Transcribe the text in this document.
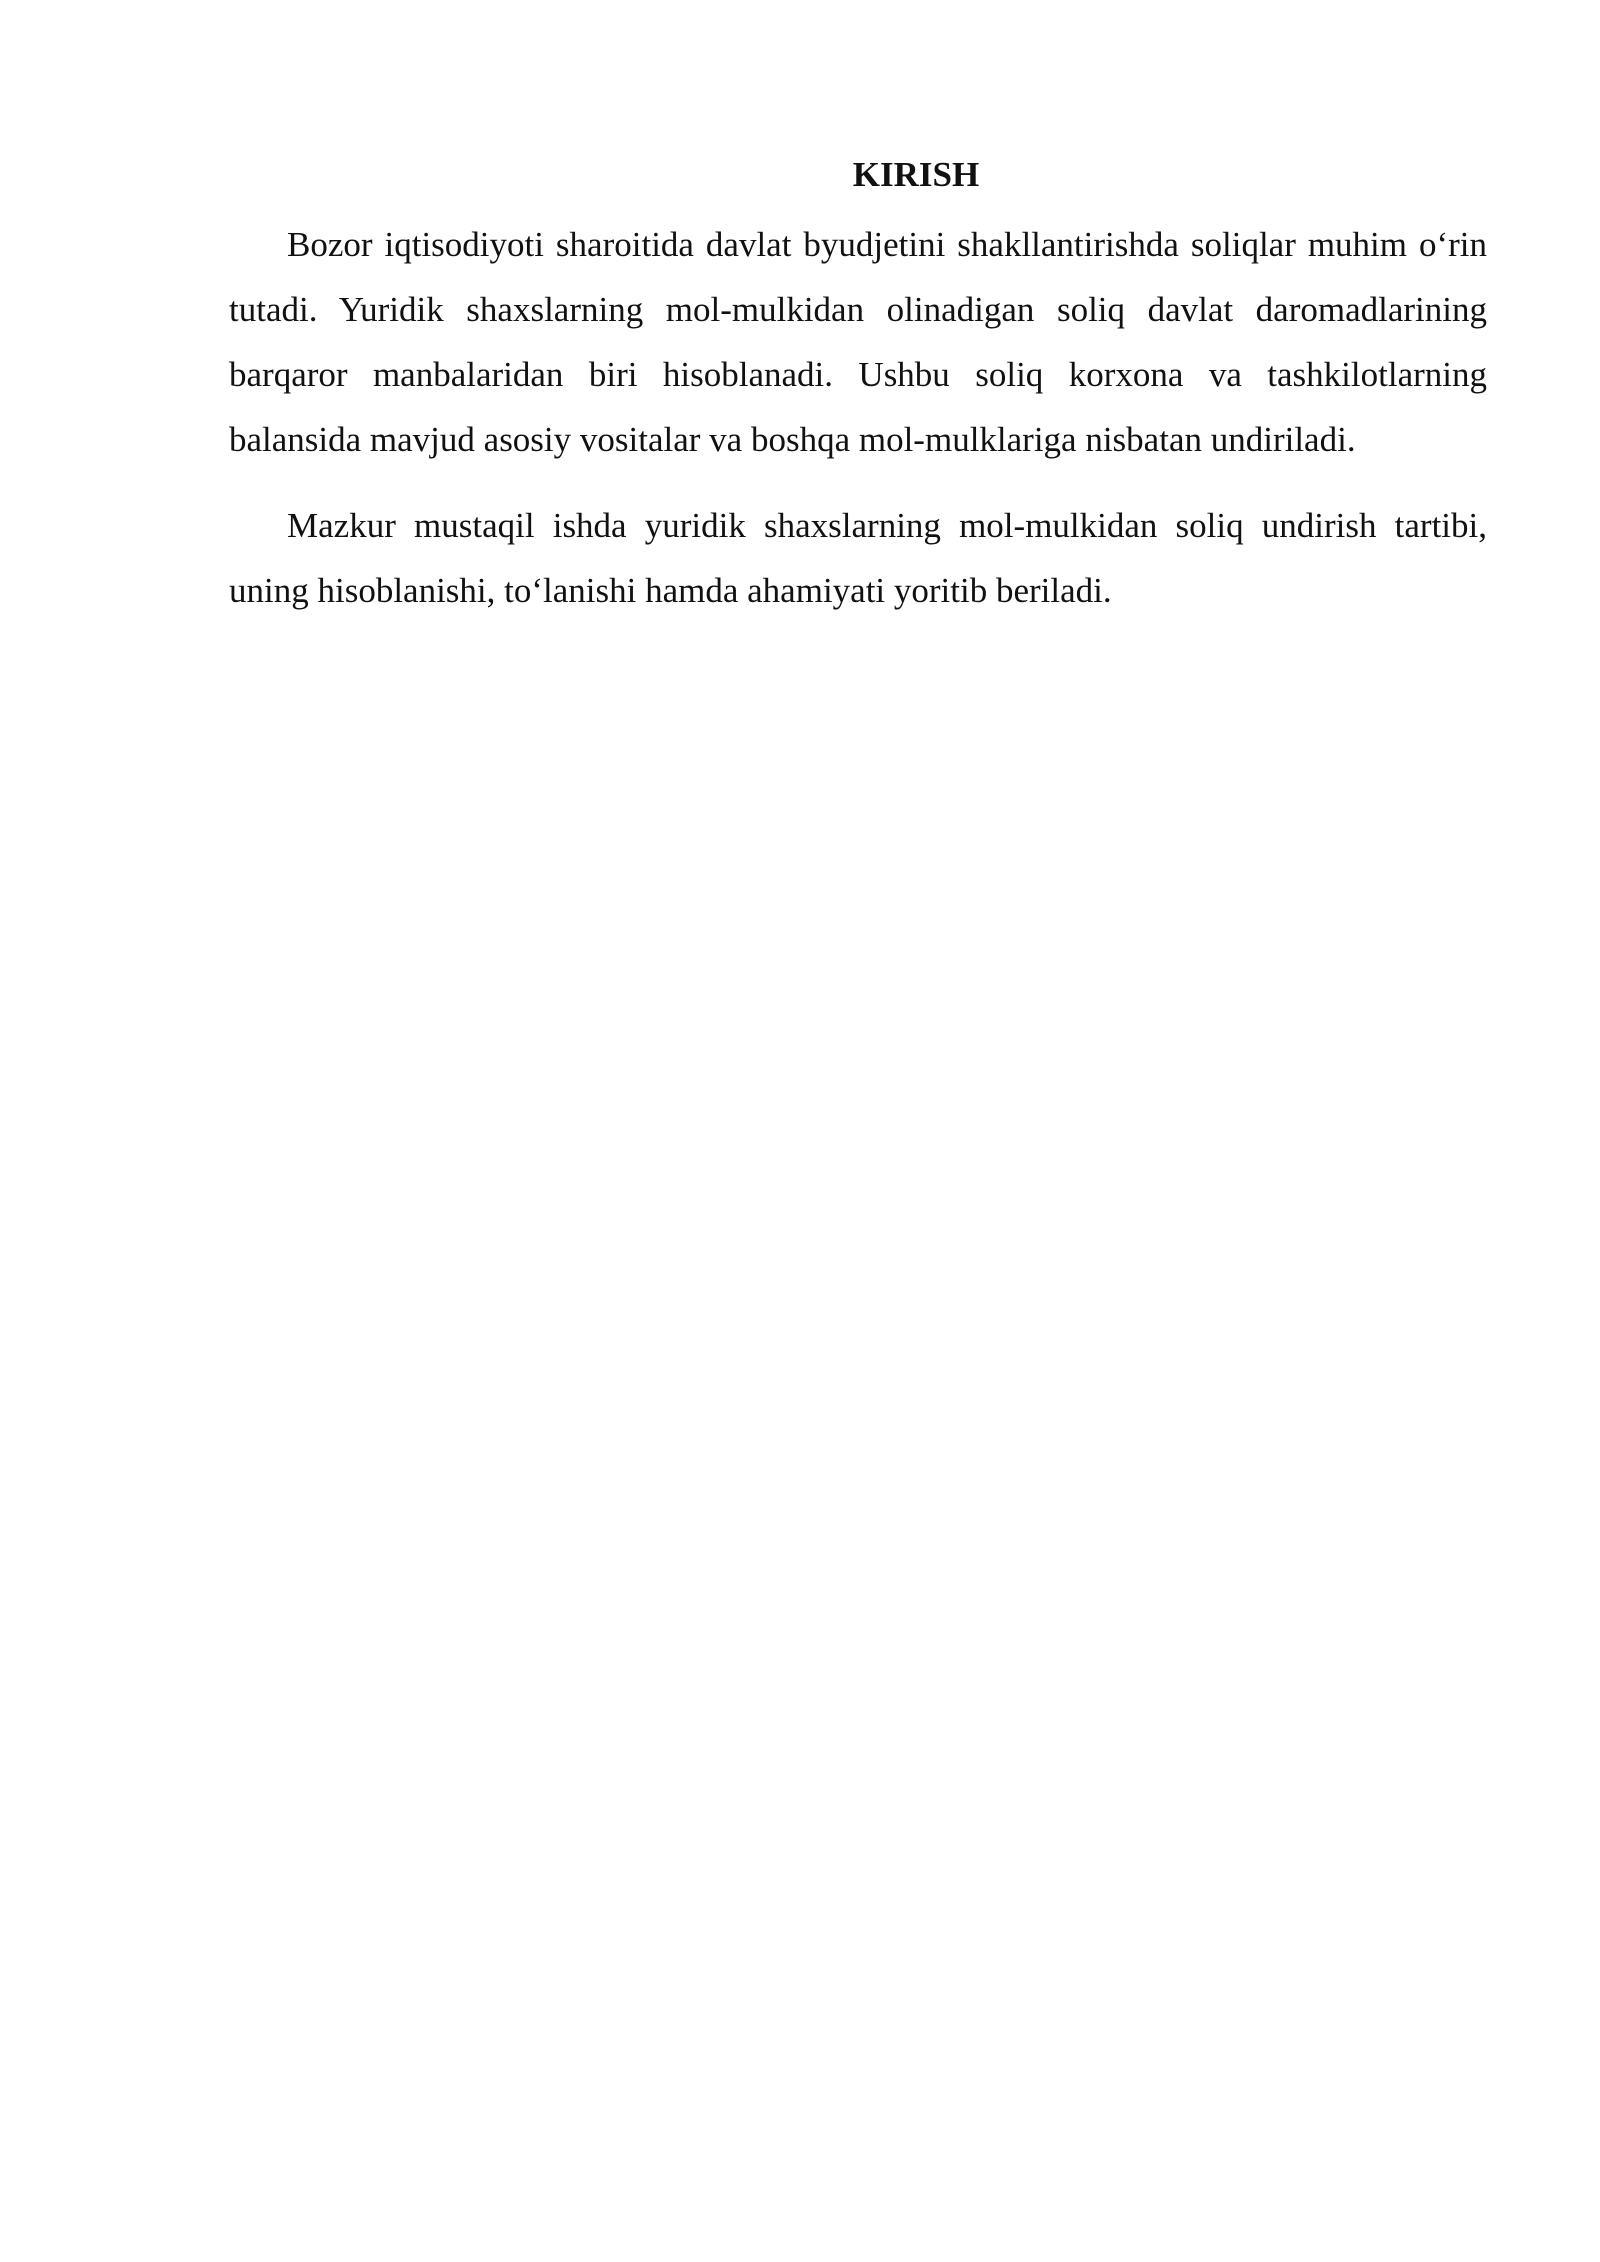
KIRISH

Bozor iqtisodiyoti sharoitida davlat byudjetini shakllantirishda soliqlar muhim o‘rin tutadi. Yuridik shaxslarning mol-mulkidan olinadigan soliq davlat daromadlarining barqaror manbalaridan biri hisoblanadi. Ushbu soliq korxona va tashkilotlarning balansida mavjud asosiy vositalar va boshqa mol-mulklariga nisbatan undiriladi.

Mazkur mustaqil ishda yuridik shaxslarning mol-mulkidan soliq undirish tartibi, uning hisoblanishi, to‘lanishi hamda ahamiyati yoritib beriladi.
